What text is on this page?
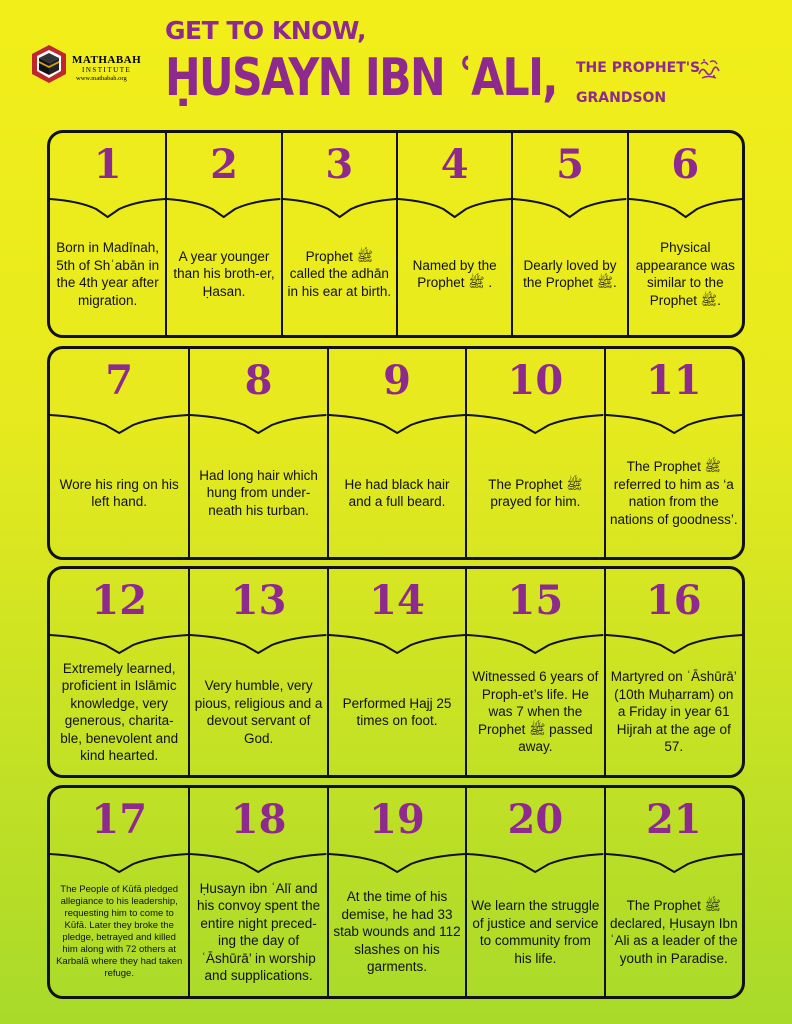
MATHABAH
INSTITUTE
www.mathabah.org
GET TO KNOW,
ḤUSAYN IBN ʿALI, THE PROPHET'S
GRANDSON
1
Born in Madīnah, 5th of Shʿabān in the 4th year after migration.
2
A year younger than his broth-er, Ḥasan.
3
Prophet ﷺ called the adhān in his ear at birth.
4
Named by the Prophet ﷺ .
5
Dearly loved by the Prophet ﷺ.
6
Physical appearance was similar to the Prophet ﷺ.
7
Wore his ring on his left hand.
8
Had long hair which hung from under-neath his turban.
9
He had black hair and a full beard.
10
The Prophet ﷺ prayed for him.
11
The Prophet ﷺ referred to him as ‘a nation from the nations of goodness’.
12
Extremely learned, proficient in Islāmic knowledge, very generous, charita-ble, benevolent and kind hearted.
13
Very humble, very pious, religious and a devout servant of God.
14
Performed Ḥajj 25 times on foot.
15
Witnessed 6 years of Proph-et’s life. He was 7 when the Prophet ﷺ passed away.
16
Martyred on ʿĀshūrā’ (10th Muḥarram) on a Friday in year 61 Hijrah at the age of 57.
17
The People of Kūfā pledged allegiance to his leadership, requesting him to come to Kūfā. Later they broke the pledge, betrayed and killed him along with 72 others at Karbalā where they had taken refuge.
18
Ḥusayn ibn ʿAlī and his convoy spent the entire night preced-ing the day of ʿĀshūrā’ in worship and supplications.
19
At the time of his demise, he had 33 stab wounds and 112 slashes on his garments.
20
We learn the struggle of justice and service to community from his life.
21
The Prophet ﷺ declared, Ḥusayn Ibn ʿAli as a leader of the youth in Paradise.
